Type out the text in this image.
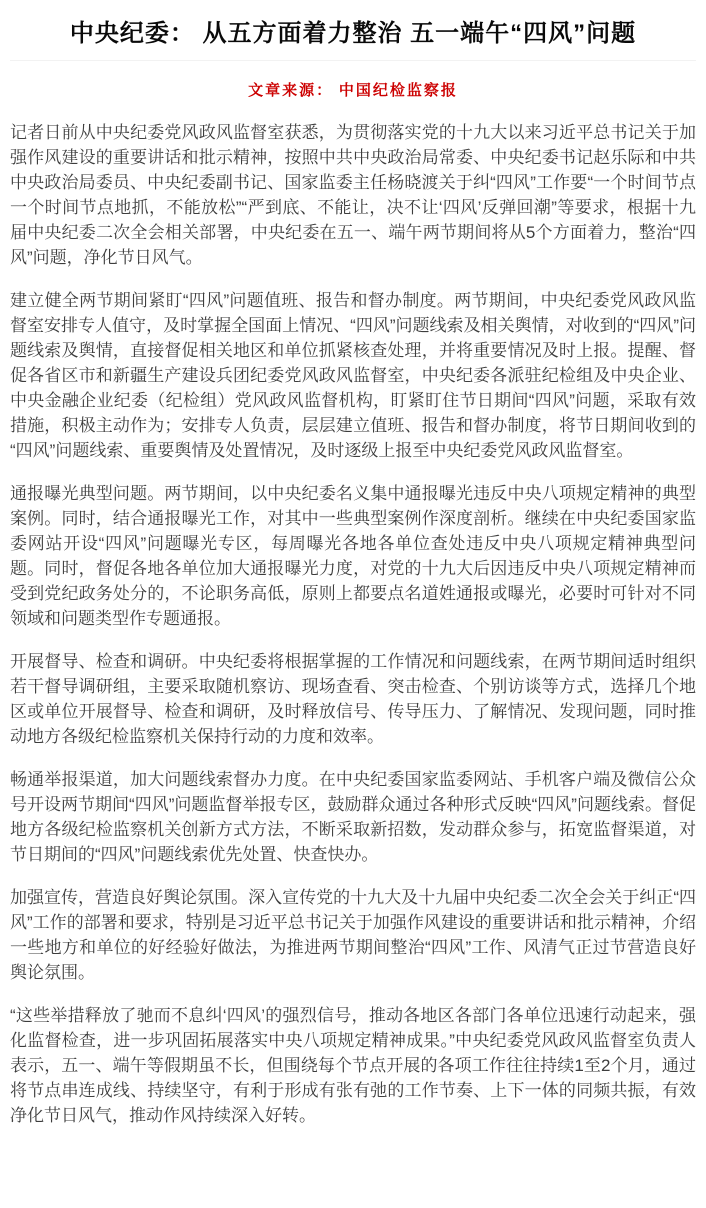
中央纪委： 从五方面着力整治 五一端午“四风”问题
文章来源： 中国纪检监察报

记者日前从中央纪委党风政风监督室获悉，为贯彻落实党的十九大以来习近平总书记关于加强作风建设的重要讲话和批示精神，按照中共中央政治局常委、中央纪委书记赵乐际和中共中央政治局委员、中央纪委副书记、国家监委主任杨晓渡关于纠“四风”工作要“一个时间节点一个时间节点地抓，不能放松”“严到底、不能让，决不让‘四风’反弹回潮”等要求，根据十九届中央纪委二次全会相关部署，中央纪委在五一、端午两节期间将从5个方面着力，整治“四风”问题，净化节日风气。

建立健全两节期间紧盯“四风”问题值班、报告和督办制度。两节期间，中央纪委党风政风监督室安排专人值守，及时掌握全国面上情况、“四风”问题线索及相关舆情，对收到的“四风”问题线索及舆情，直接督促相关地区和单位抓紧核查处理，并将重要情况及时上报。提醒、督促各省区市和新疆生产建设兵团纪委党风政风监督室，中央纪委各派驻纪检组及中央企业、中央金融企业纪委（纪检组）党风政风监督机构，盯紧盯住节日期间“四风”问题，采取有效措施，积极主动作为；安排专人负责，层层建立值班、报告和督办制度，将节日期间收到的“四风”问题线索、重要舆情及处置情况，及时逐级上报至中央纪委党风政风监督室。

通报曝光典型问题。两节期间，以中央纪委名义集中通报曝光违反中央八项规定精神的典型案例。同时，结合通报曝光工作，对其中一些典型案例作深度剖析。继续在中央纪委国家监委网站开设“四风”问题曝光专区，每周曝光各地各单位查处违反中央八项规定精神典型问题。同时，督促各地各单位加大通报曝光力度，对党的十九大后因违反中央八项规定精神而受到党纪政务处分的，不论职务高低，原则上都要点名道姓通报或曝光，必要时可针对不同领域和问题类型作专题通报。

开展督导、检查和调研。中央纪委将根据掌握的工作情况和问题线索，在两节期间适时组织若干督导调研组，主要采取随机察访、现场查看、突击检查、个别访谈等方式，选择几个地区或单位开展督导、检查和调研，及时释放信号、传导压力、了解情况、发现问题，同时推动地方各级纪检监察机关保持行动的力度和效率。

畅通举报渠道，加大问题线索督办力度。在中央纪委国家监委网站、手机客户端及微信公众号开设两节期间“四风”问题监督举报专区，鼓励群众通过各种形式反映“四风”问题线索。督促地方各级纪检监察机关创新方式方法，不断采取新招数，发动群众参与，拓宽监督渠道，对节日期间的“四风”问题线索优先处置、快查快办。

加强宣传，营造良好舆论氛围。深入宣传党的十九大及十九届中央纪委二次全会关于纠正“四风”工作的部署和要求，特别是习近平总书记关于加强作风建设的重要讲话和批示精神，介绍一些地方和单位的好经验好做法，为推进两节期间整治“四风”工作、风清气正过节营造良好舆论氛围。

“这些举措释放了驰而不息纠‘四风’的强烈信号，推动各地区各部门各单位迅速行动起来，强化监督检查，进一步巩固拓展落实中央八项规定精神成果。”中央纪委党风政风监督室负责人表示，五一、端午等假期虽不长，但围绕每个节点开展的各项工作往往持续1至2个月，通过将节点串连成线、持续坚守，有利于形成有张有弛的工作节奏、上下一体的同频共振，有效净化节日风气，推动作风持续深入好转。
